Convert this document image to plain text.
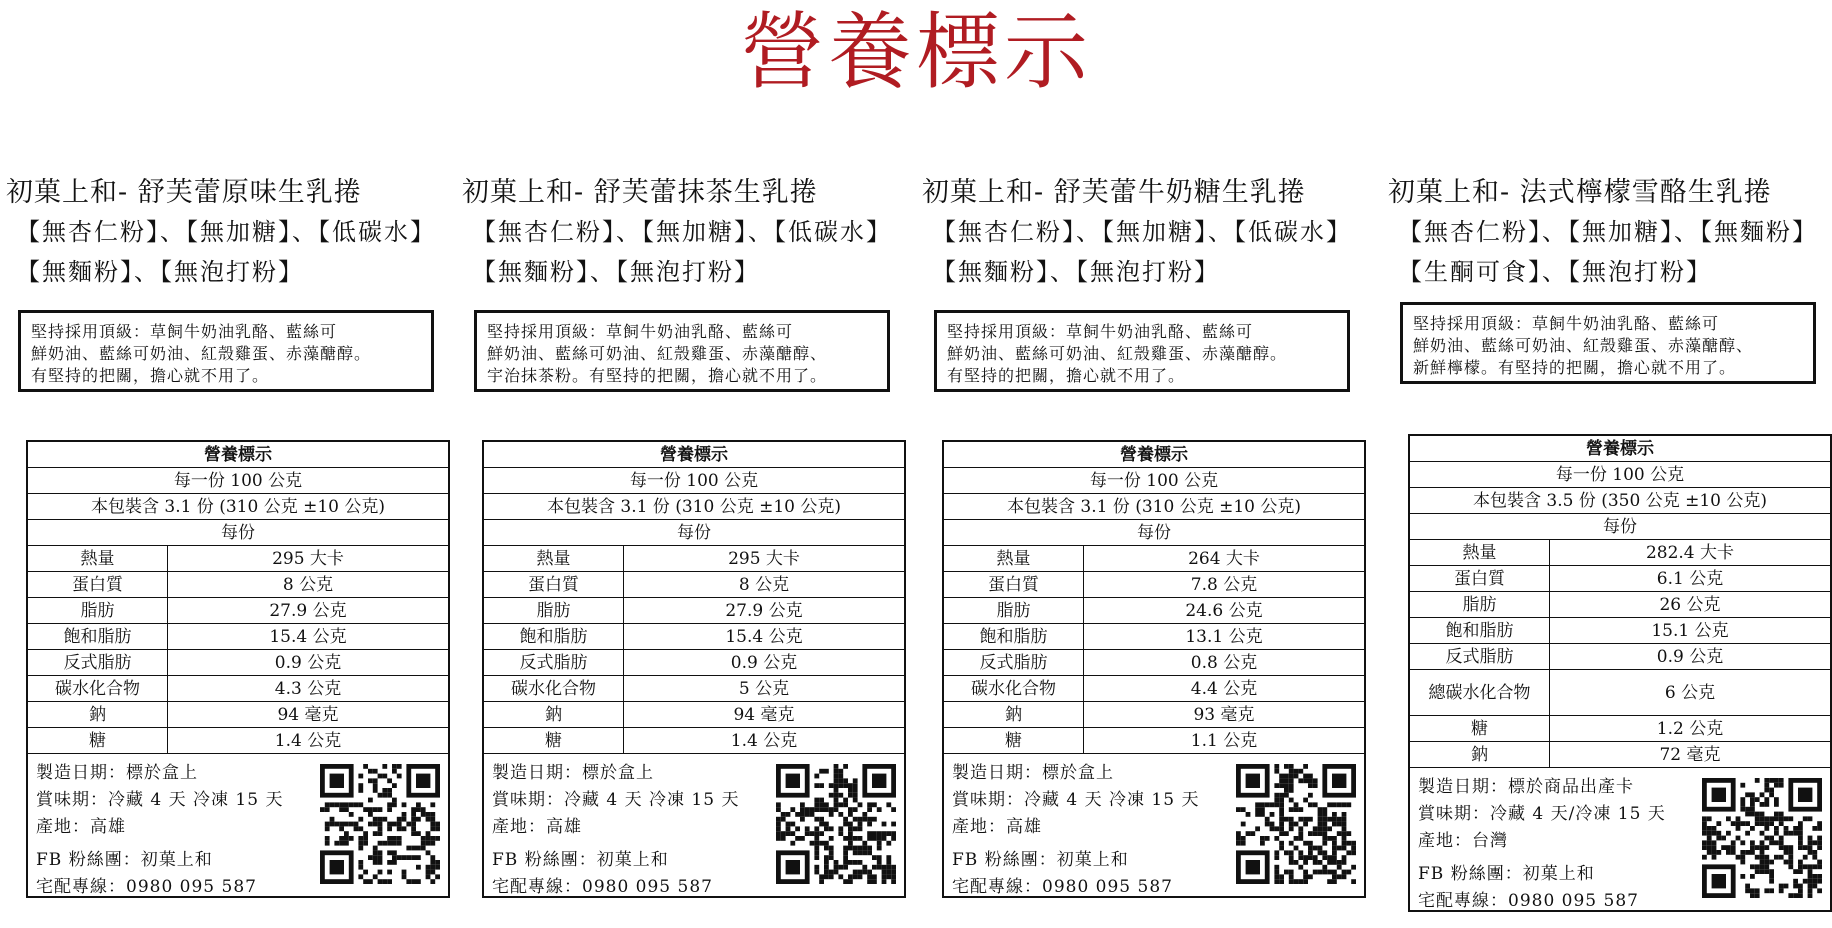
營養標示
初菓上和- 舒芙蕾原味生乳捲
【無杏仁粉】、【無加糖】、【低碳水】
【無麵粉】、【無泡打粉】
堅持採用頂級：草飼牛奶油乳酪、藍絲可
鮮奶油、藍絲可奶油、紅殼雞蛋、赤藻醣醇。
有堅持的把關，擔心就不用了。
營養標示
每一份 100 公克
本包裝含 3.1 份 (310 公克 ±10 公克)
每份
熱量	295 大卡
蛋白質	8 公克
脂肪	27.9 公克
飽和脂肪	15.4 公克
反式脂肪	0.9 公克
碳水化合物	4.3 公克
鈉	94 毫克
糖	1.4 公克
製造日期：標於盒上
賞味期：冷藏 4 天 冷凍 15 天
產地：高雄
FB 粉絲團：初菓上和
宅配專線：0980 095 587
初菓上和- 舒芙蕾抹茶生乳捲
【無杏仁粉】、【無加糖】、【低碳水】
【無麵粉】、【無泡打粉】
堅持採用頂級：草飼牛奶油乳酪、藍絲可
鮮奶油、藍絲可奶油、紅殼雞蛋、赤藻醣醇、
宇治抹茶粉。有堅持的把關，擔心就不用了。
營養標示
每一份 100 公克
本包裝含 3.1 份 (310 公克 ±10 公克)
每份
熱量	295 大卡
蛋白質	8 公克
脂肪	27.9 公克
飽和脂肪	15.4 公克
反式脂肪	0.9 公克
碳水化合物	5 公克
鈉	94 毫克
糖	1.4 公克
製造日期：標於盒上
賞味期：冷藏 4 天 冷凍 15 天
產地：高雄
FB 粉絲團：初菓上和
宅配專線：0980 095 587
初菓上和- 舒芙蕾牛奶糖生乳捲
【無杏仁粉】、【無加糖】、【低碳水】
【無麵粉】、【無泡打粉】
堅持採用頂級：草飼牛奶油乳酪、藍絲可
鮮奶油、藍絲可奶油、紅殼雞蛋、赤藻醣醇。
有堅持的把關，擔心就不用了。
營養標示
每一份 100 公克
本包裝含 3.1 份 (310 公克 ±10 公克)
每份
熱量	264 大卡
蛋白質	7.8 公克
脂肪	24.6 公克
飽和脂肪	13.1 公克
反式脂肪	0.8 公克
碳水化合物	4.4 公克
鈉	93 毫克
糖	1.1 公克
製造日期：標於盒上
賞味期：冷藏 4 天 冷凍 15 天
產地：高雄
FB 粉絲團：初菓上和
宅配專線：0980 095 587
初菓上和- 法式檸檬雪酪生乳捲
【無杏仁粉】、【無加糖】、【無麵粉】
【生酮可食】、【無泡打粉】
堅持採用頂級：草飼牛奶油乳酪、藍絲可
鮮奶油、藍絲可奶油、紅殼雞蛋、赤藻醣醇、
新鮮檸檬。有堅持的把關，擔心就不用了。
營養標示
每一份 100 公克
本包裝含 3.5 份 (350 公克 ±10 公克)
每份
熱量	282.4 大卡
蛋白質	6.1 公克
脂肪	26 公克
飽和脂肪	15.1 公克
反式脂肪	0.9 公克
總碳水化合物	6 公克
糖	1.2 公克
鈉	72 毫克
製造日期：標於商品出產卡
賞味期：冷藏 4 天/冷凍 15 天
產地：台灣
FB 粉絲團：初菓上和
宅配專線：0980 095 587
